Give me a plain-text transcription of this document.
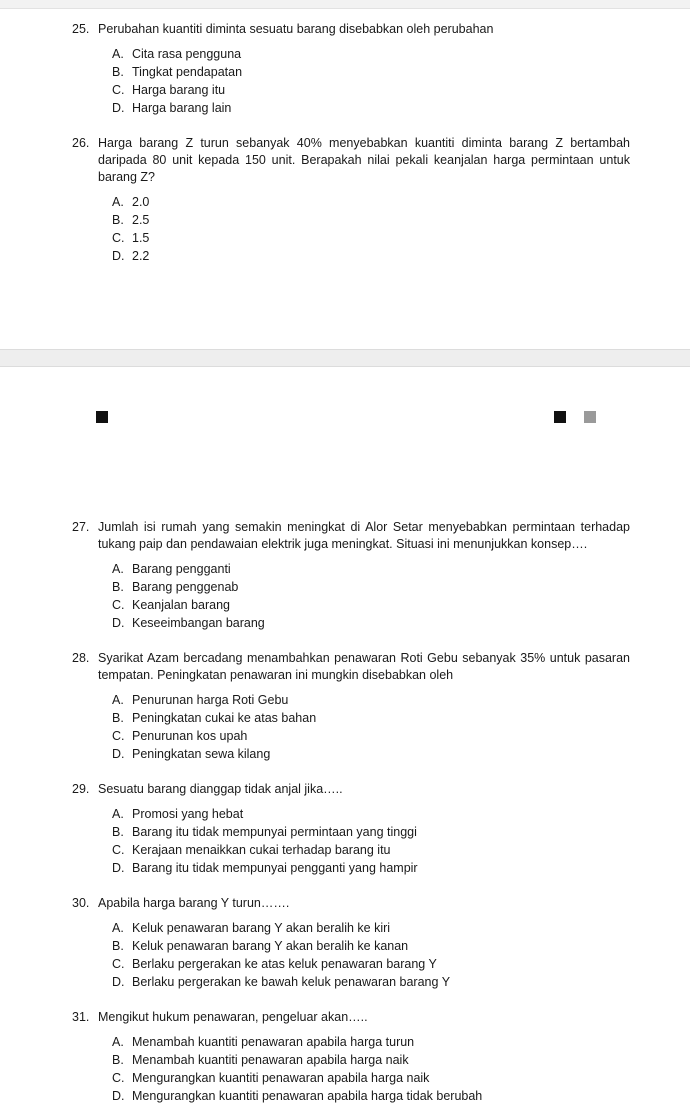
25. Perubahan kuantiti diminta sesuatu barang disebabkan oleh perubahan
A. Cita rasa pengguna
B. Tingkat pendapatan
C. Harga barang itu
D. Harga barang lain
26. Harga barang Z turun sebanyak 40% menyebabkan kuantiti diminta barang Z bertambah daripada 80 unit kepada 150 unit. Berapakah nilai pekali keanjalan harga permintaan untuk barang Z?
A. 2.0
B. 2.5
C. 1.5
D. 2.2
27. Jumlah isi rumah yang semakin meningkat di Alor Setar menyebabkan permintaan terhadap tukang paip dan pendawaian elektrik juga meningkat. Situasi ini menunjukkan konsep….
A. Barang pengganti
B. Barang penggenab
C. Keanjalan barang
D. Keseeimbangan barang
28. Syarikat Azam bercadang menambahkan penawaran Roti Gebu sebanyak 35% untuk pasaran tempatan. Peningkatan penawaran ini mungkin disebabkan oleh
A. Penurunan harga Roti Gebu
B. Peningkatan cukai ke atas bahan
C. Penurunan kos upah
D. Peningkatan sewa kilang
29. Sesuatu barang dianggap tidak anjal jika…..
A. Promosi yang hebat
B. Barang itu tidak mempunyai permintaan yang tinggi
C. Kerajaan menaikkan cukai terhadap barang itu
D. Barang itu tidak mempunyai pengganti yang hampir
30. Apabila harga barang Y turun…….
A. Keluk penawaran barang Y akan beralih ke kiri
B. Keluk penawaran barang Y akan beralih ke kanan
C. Berlaku pergerakan ke atas keluk penawaran barang Y
D. Berlaku pergerakan ke bawah keluk penawaran barang Y
31. Mengikut hukum penawaran, pengeluar akan…..
A. Menambah kuantiti penawaran apabila harga turun
B. Menambah kuantiti penawaran apabila harga naik
C. Mengurangkan kuantiti penawaran apabila harga naik
D. Mengurangkan kuantiti penawaran apabila harga tidak berubah
